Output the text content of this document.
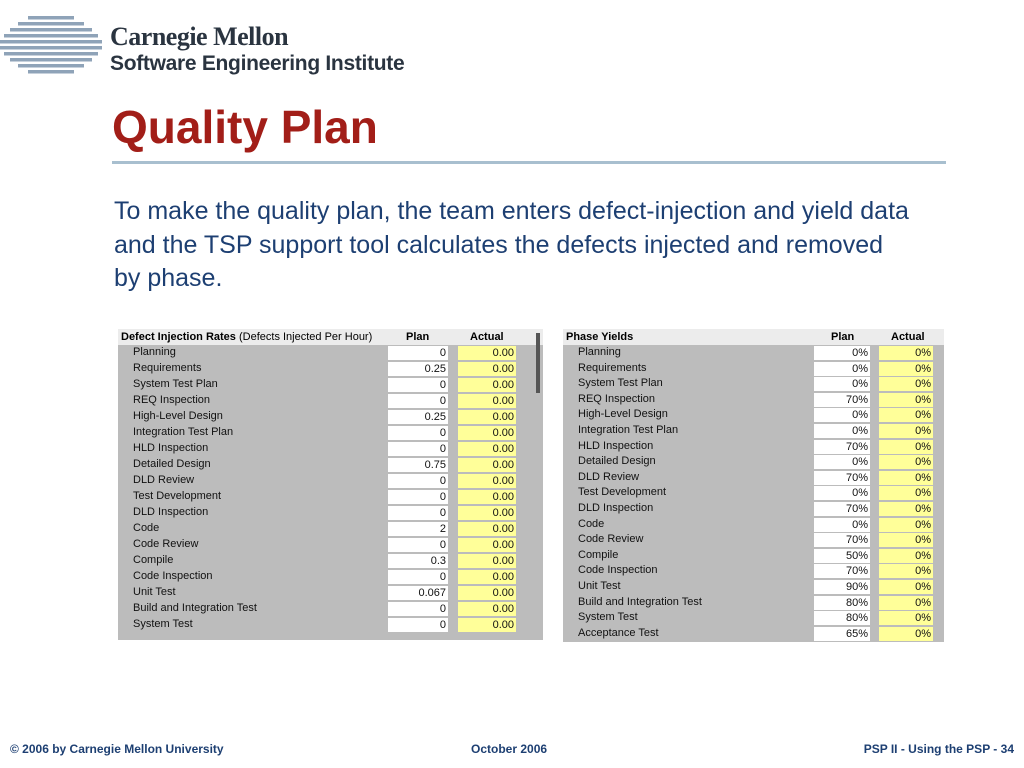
Carnegie Mellon
Software Engineering Institute
Quality Plan
To make the quality plan, the team enters defect-injection and yield data and the TSP support tool calculates the defects injected and removed by phase.
Defect Injection Rates (Defects Injected Per Hour)	Plan	Actual
Planning	0	0.00
Requirements	0.25	0.00
System Test Plan	0	0.00
REQ Inspection	0	0.00
High-Level Design	0.25	0.00
Integration Test Plan	0	0.00
HLD Inspection	0	0.00
Detailed Design	0.75	0.00
DLD Review	0	0.00
Test Development	0	0.00
DLD Inspection	0	0.00
Code	2	0.00
Code Review	0	0.00
Compile	0.3	0.00
Code Inspection	0	0.00
Unit Test	0.067	0.00
Build and Integration Test	0	0.00
System Test	0	0.00
Phase Yields	Plan	Actual
Planning	0%	0%
Requirements	0%	0%
System Test Plan	0%	0%
REQ Inspection	70%	0%
High-Level Design	0%	0%
Integration Test Plan	0%	0%
HLD Inspection	70%	0%
Detailed Design	0%	0%
DLD Review	70%	0%
Test Development	0%	0%
DLD Inspection	70%	0%
Code	0%	0%
Code Review	70%	0%
Compile	50%	0%
Code Inspection	70%	0%
Unit Test	90%	0%
Build and Integration Test	80%	0%
System Test	80%	0%
Acceptance Test	65%	0%
© 2006 by Carnegie Mellon University	October 2006	PSP II - Using the PSP - 34
